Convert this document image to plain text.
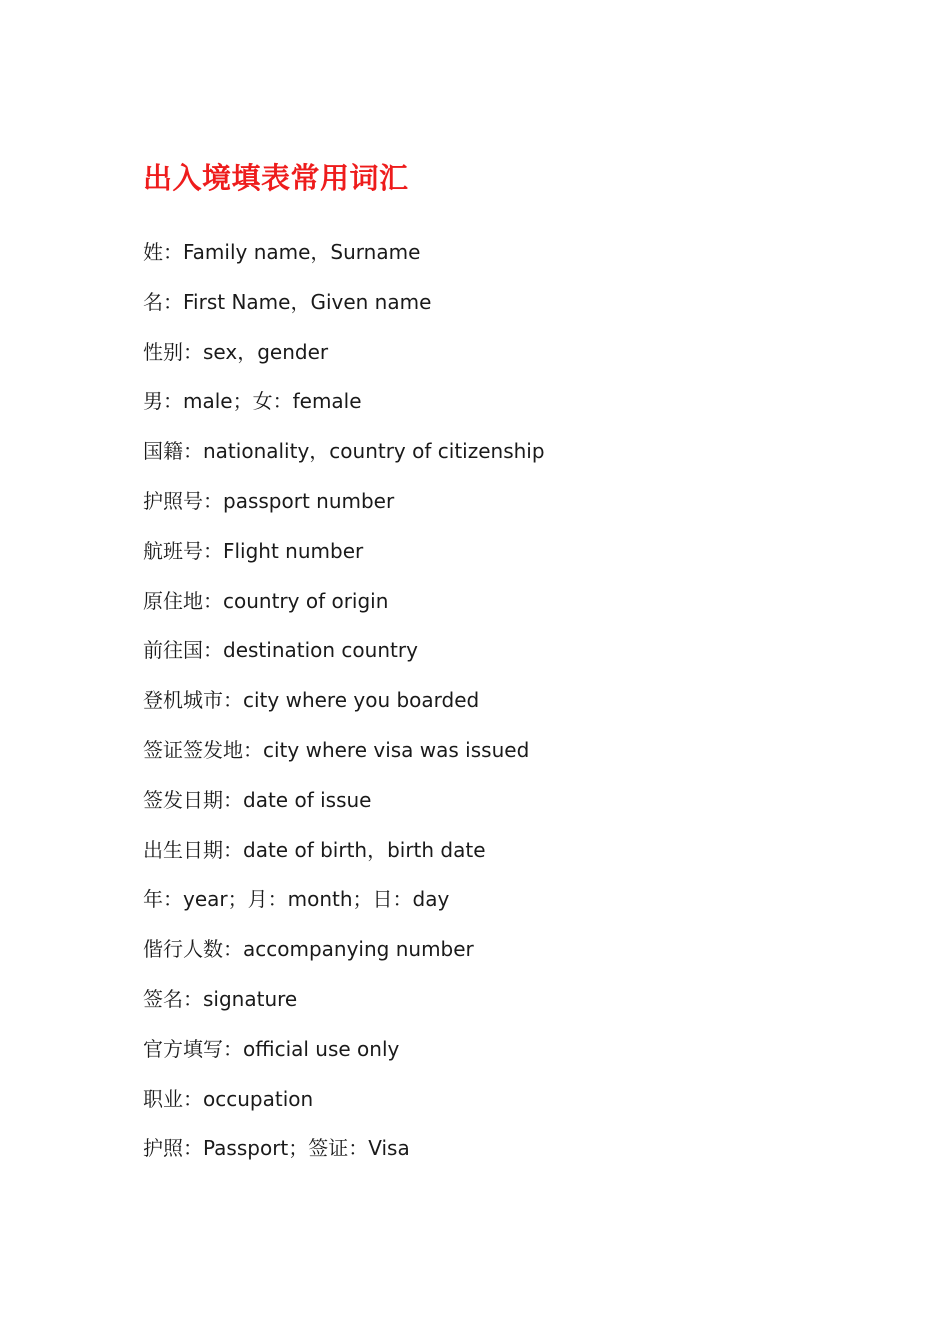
出入境填表常用词汇
姓：Family name，Surname
名：First Name，Given name
性别：sex，gender
男：male；女：female
国籍：nationality，country of citizenship
护照号：passport number
航班号：Flight number
原住地：country of origin
前往国：destination country
登机城市：city where you boarded
签证签发地：city where visa was issued
签发日期：date of issue
出生日期：date of birth，birth date
年：year；月：month；日：day
偕行人数：accompanying number
签名：signature
官方填写：official use only
职业：occupation
护照：Passport；签证：Visa
